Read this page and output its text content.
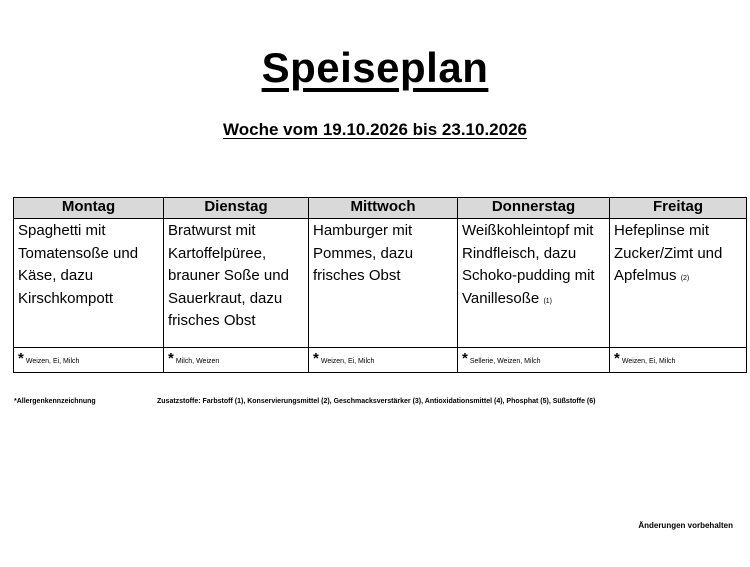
Speiseplan
Woche vom 19.10.2026 bis 23.10.2026
Montag	Dienstag	Mittwoch	Donnerstag	Freitag
Spaghetti mit Tomatensoße und Käse, dazu Kirschkompott	Bratwurst mit Kartoffelpüree, brauner Soße und Sauerkraut, dazu frisches Obst	Hamburger mit Pommes, dazu frisches Obst	Weißkohleintopf mit Rindfleisch, dazu Schoko-pudding mit Vanillesoße (1)	Hefeplinse mit Zucker/Zimt und Apfelmus (2)
* Weizen, Ei, Milch	* Milch, Weizen	* Weizen, Ei, Milch	* Sellerie, Weizen, Milch	* Weizen, Ei, Milch
*Allergenkennzeichnung	Zusatzstoffe: Farbstoff (1), Konservierungsmittel (2), Geschmacksverstärker (3), Antioxidationsmittel (4), Phosphat (5), Süßstoffe (6)
Änderungen vorbehalten
